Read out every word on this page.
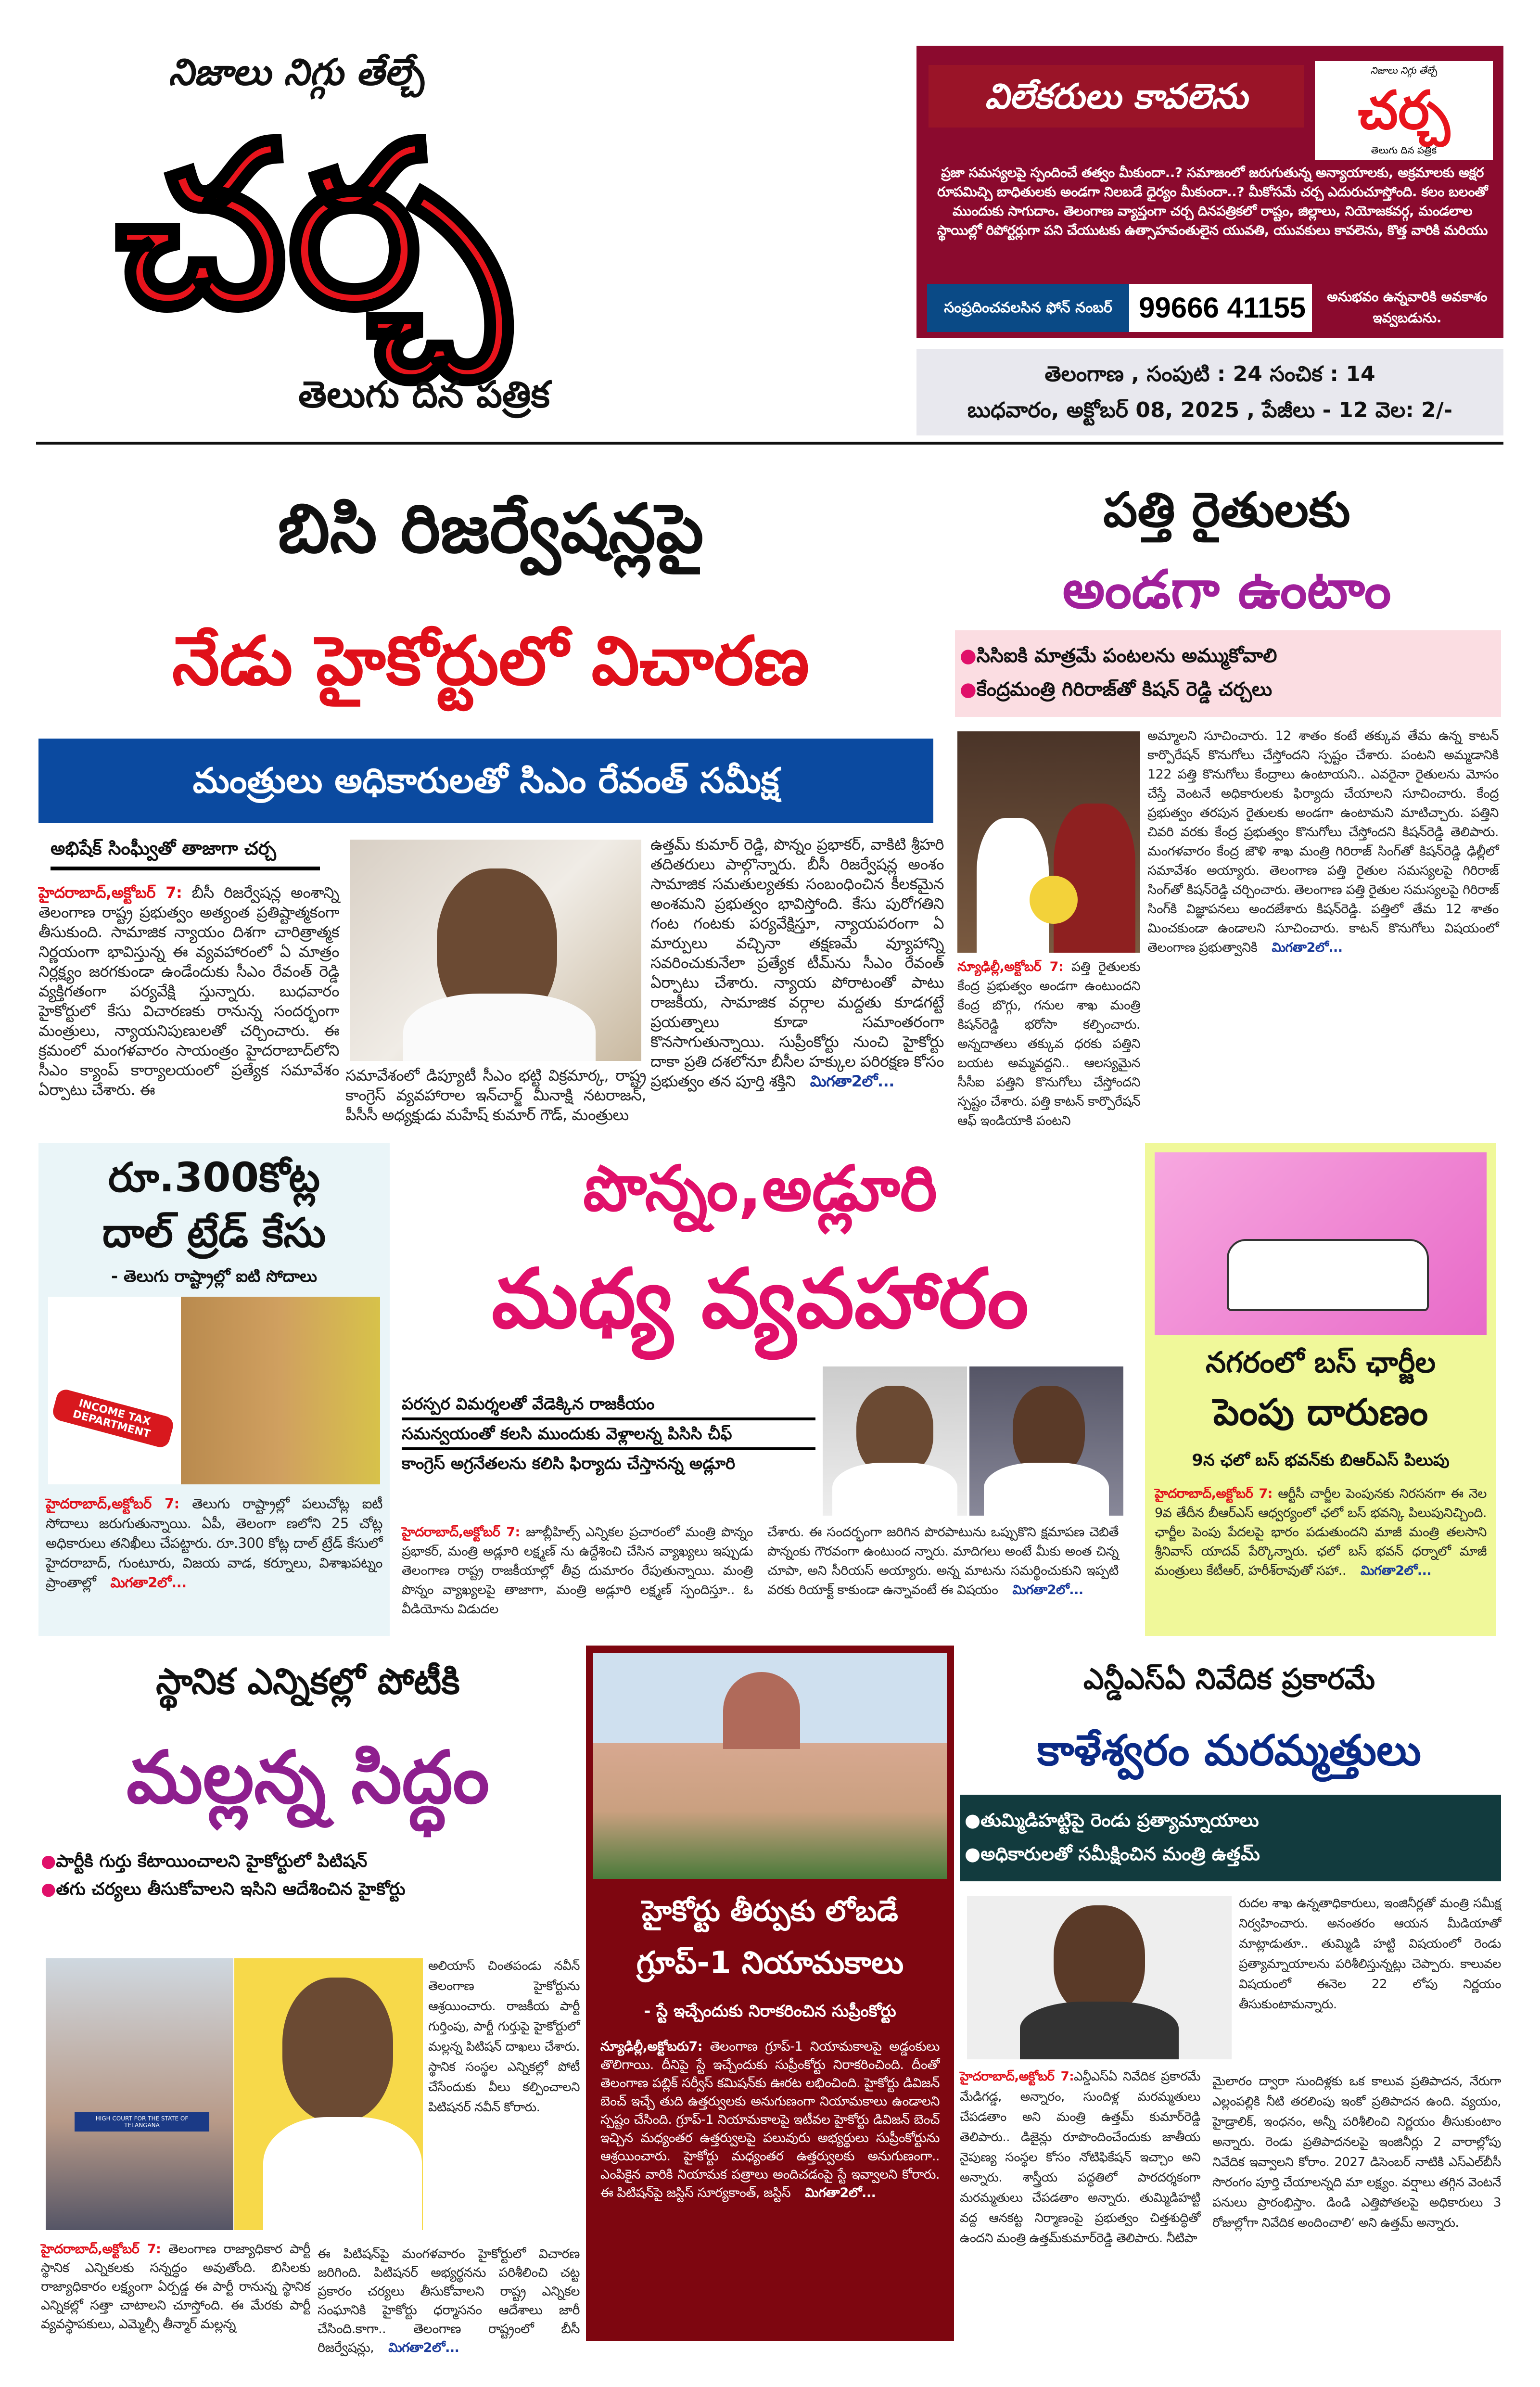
నిజాలు నిగ్గు తేల్చే
చర్చ
తెలుగు దిన పత్రిక
విలేకరులు కావలెను
నిజాలు నిగ్గు తేల్చే
చర్చ
తెలుగు దిన పత్రిక
ప్రజా సమస్యలపై స్పందించే తత్వం మీకుందా..? సమాజంలో జరుగుతున్న అన్యాయాలకు, అక్రమాలకు అక్షర రూపమిచ్చి బాధితులకు అండగా నిలబడే ధైర్యం మీకుందా..? మీకోసమే చర్చ ఎదురుచూస్తోంది. కలం బలంతో ముందుకు సాగుదాం. తెలంగాణ వ్యాప్తంగా చర్చ దినపత్రికలో రాష్టం, జిల్లాలు, నియోజకవర్గ, మండలాల స్థాయిల్లో రిపోర్టర్లుగా పని చేయుటకు ఉత్సాహవంతులైన యువతి, యువకులు కావలెను, కొత్త వారికి మరియు
సంప్రదించవలసిన ఫోన్ నంబర్ 99666 41155	అనుభవం ఉన్నవారికి అవకాశం ఇవ్వబడును.
తెలంగాణ , సంపుటి : 24 సంచిక : 14
బుధవారం, అక్టోబర్ 08, 2025 , పేజీలు - 12 వెల: 2/-
బిసి రిజర్వేషన్లపై
నేడు హైకోర్టులో విచారణ
మంత్రులు అధికారులతో సిఎం రేవంత్ సమీక్ష
అభిషేక్ సింఘ్వీతో తాజాగా చర్చ
హైదరాబాద్,అక్టోబర్ 7: బీసీ రిజర్వేషన్ల అంశాన్ని తెలంగాణ రాష్ట్ర ప్రభుత్వం అత్యంత ప్రతిష్టాత్మకంగా తీసుకుంది. సామాజిక న్యాయం దిశగా చారిత్రాత్మక నిర్ణయంగా భావిస్తున్న ఈ వ్యవహారంలో ఏ మాత్రం నిర్లక్ష్యం జరగకుండా ఉండేందుకు సీఎం రేవంత్ రెడ్డి వ్యక్తిగతంగా పర్యవేక్షి స్తున్నారు. బుధవారం హైకోర్టులో కేసు విచారణకు రానున్న సందర్భంగా మంత్రులు, న్యాయనిపుణులతో చర్చించారు. ఈ క్రమంలో మంగళవారం సాయంత్రం హైదరాబాద్‌లోని సీఎం క్యాంప్ కార్యాలయంలో ప్రత్యేక సమావేశం ఏర్పాటు చేశారు. ఈ
సమావేశంలో డిప్యూటీ సీఎం భట్టి విక్రమార్క, రాష్ట్ర కాంగ్రెస్ వ్యవహారాల ఇన్‌చార్జ్ మీనాక్షి నటరాజన్, పీసీసీ అధ్యక్షుడు మహేష్ కుమార్ గౌడ్, మంత్రులు
ఉత్తమ్ కుమార్ రెడ్డి, పొన్నం ప్రభాకర్, వాకిటి శ్రీహరి తదితరులు పాల్గొన్నారు. బీసీ రిజర్వేషన్ల అంశం సామాజిక సమతుల్యతకు సంబంధించిన కీలకమైన అంశమని ప్రభుత్వం భావిస్తోంది. కేసు పురోగతిని గంట గంటకు పర్యవేక్షిస్తూ, న్యాయపరంగా ఏ మార్పులు వచ్చినా తక్షణమే వ్యూహాన్ని సవరించుకునేలా ప్రత్యేక టీమ్‌ను సీఎం రేవంత్ ఏర్పాటు చేశారు. న్యాయ పోరాటంతో పాటు రాజకీయ, సామాజిక వర్గాల మద్దతు కూడగట్టే ప్రయత్నాలు కూడా సమాంతరంగా కొనసాగుతున్నాయి. సుప్రీంకోర్టు నుంచి హైకోర్టు దాకా ప్రతి దశలోనూ బీసీల హక్కుల పరిరక్షణ కోసం ప్రభుత్వం తన పూర్తి శక్తిని మిగతా2లో...
పత్తి రైతులకు
అండగా ఉంటాం
●సిసిఐకి మాత్రమే పంటలను అమ్ముకోవాలి
●కేంద్రమంత్రి గిరిరాజ్‌తో కిషన్ రెడ్డి చర్చలు
న్యూఢిల్లీ,అక్టోబర్ 7: పత్తి రైతులకు కేంద్ర ప్రభుత్వం అండగా ఉంటుందని కేంద్ర బొగ్గు, గనుల శాఖ మంత్రి కిషన్‌రెడ్డి భరోసా కల్పించారు. అన్నదాతలు తక్కువ ధరకు పత్తిని బయట అమ్మవద్దని.. ఆలస్యమైన సీసీఐ పత్తిని కొనుగోలు చేస్తోందని స్పష్టం చేశారు. పత్తి కాటన్ కార్పొరేషన్ ఆఫ్ ఇండియాకి పంటని
అమ్మాలని సూచించారు. 12 శాతం కంటే తక్కువ తేమ ఉన్న కాటన్ కార్పొరేషన్ కొనుగోలు చేస్తోందని స్పష్టం చేశారు. పంటని అమ్మడానికి 122 పత్తి కొనుగోలు కేంద్రాలు ఉంటాయని.. ఎవరైనా రైతులను మోసం చేస్తే వెంటనే అధికారులకు ఫిర్యాదు చేయాలని సూచించారు. కేంద్ర ప్రభుత్వం తరపున రైతులకు అండగా ఉంటామని మాటిచ్చారు. పత్తిని చివరి వరకు కేంద్ర ప్రభుత్వం కొనుగోలు చేస్తోందని కిషన్‌రెడ్డి తెలిపారు. మంగళవారం కేంద్ర జౌళి శాఖ మంత్రి గిరిరాజ్ సింగ్‌తో కిషన్‌రెడ్డి ఢిల్లీలో సమావేశం అయ్యారు. తెలంగాణ పత్తి రైతుల సమస్యలపై గిరిరాజ్ సింగ్‌తో కిషన్‌రెడ్డి చర్చించారు. తెలంగాణ పత్తి రైతుల సమస్యలపై గిరిరాజ్ సింగ్‌కి విజ్ఞాపనలు అందజేశారు కిషన్‌రెడ్డి. పత్తిలో తేమ 12 శాతం మించకుండా ఉండాలని సూచించారు. కాటన్ కొనుగోలు విషయంలో తెలంగాణ ప్రభుత్వానికి మిగతా2లో...
రూ.300కోట్ల
దాల్ ట్రేడ్ కేసు
- తెలుగు రాష్ట్రాల్లో ఐటి సోదాలు
INCOME TAX DEPARTMENT
హైదరాబాద్,అక్టోబర్ 7: తెలుగు రాష్ట్రాల్లో పలుచోట్ల ఐటీ సోదాలు జరుగుతున్నాయి. ఏపీ, తెలంగా ణలోని 25 చోట్ల అధికారులు తనిఖీలు చేపట్టారు. రూ.300 కోట్ల దాల్ ట్రేడ్ కేసులో హైదరాబాద్, గుంటూరు, విజయ వాడ, కర్నూలు, విశాఖపట్నం ప్రాంతాల్లో మిగతా2లో...
పొన్నం,అడ్లూరి
మధ్య వ్యవహారం
పరస్పర విమర్శలతో వేడెక్కిన రాజకీయం
సమన్వయంతో కలసి ముందుకు వెళ్లాలన్న పిసిసి చీఫ్
కాంగ్రెస్ అగ్రనేతలను కలిసి ఫిర్యాదు చేస్తానన్న అడ్లూరి
హైదరాబాద్,అక్టోబర్ 7: జూబ్లీహిల్స్ ఎన్నికల ప్రచారంలో మంత్రి పొన్నం ప్రభాకర్, మంత్రి అడ్లూరి లక్ష్మణ్ ను ఉద్దేశించి చేసిన వ్యాఖ్యలు ఇప్పుడు తెలంగాణ రాష్ట్ర రాజకీయాల్లో తీవ్ర దుమారం రేపుతున్నాయి. మంత్రి పొన్నం వ్యాఖ్యలపై తాజాగా, మంత్రి అడ్లూరి లక్ష్మణ్ స్పందిస్తూ.. ఓ వీడియోను విడుదల
చేశారు. ఈ సందర్భంగా జరిగిన పొరపాటును ఒప్పుకొని క్షమాపణ చెబితే పొన్నంకు గౌరవంగా ఉంటుంద న్నారు. మాదిగలు అంటే మీకు అంత చిన్న చూపా, అని సీరియస్ అయ్యారు. అన్న మాటను సమర్థించుకుని ఇప్పటి వరకు రియాక్ట్ కాకుండా ఉన్నావంటే ఈ విషయం మిగతా2లో...
నగరంలో బస్ ఛార్జీల
పెంపు దారుణం
9న ఛలో బస్ భవన్‌కు బిఆర్ఎస్ పిలుపు
హైదరాబాద్,అక్టోబర్ 7: ఆర్టీసీ చార్జీల పెంపునకు నిరసనగా ఈ నెల 9వ తేదీన బీఆర్ఎస్ ఆధ్వర్యంలో ఛలో బస్ భవన్కి పిలుపునిచ్చింది. ఛార్జీల పెంపు పేదలపై భారం పడుతుందని మాజీ మంత్రి తలసాని శ్రీనివాస్ యాదవ్ పేర్కొన్నారు. ఛలో బస్ భవన్ ధర్నాలో మాజీ మంత్రులు కేటీఆర్, హరీశ్‌రావుతో సహా.. మిగతా2లో...
స్థానిక ఎన్నికల్లో పోటీకి
మల్లన్న సిద్ధం
●పార్టీకి గుర్తు కేటాయించాలని హైకోర్టులో పిటిషన్
●తగు చర్యలు తీసుకోవాలని ఇసిని ఆదేశించిన హైకోర్టు
HIGH COURT FOR THE STATE OF TELANGANA
అలియాస్ చింతపండు నవీన్ తెలంగాణ హైకోర్టును ఆశ్రయించారు. రాజకీయ పార్టీ గుర్తింపు, పార్టీ గుర్తుపై హైకోర్టులో మల్లన్న పిటిషన్ దాఖలు చేశారు. స్థానిక సంస్థల ఎన్నికల్లో పోటీ చేసేందుకు వీలు కల్పించాలని పిటిషనర్ నవీన్ కోరారు.
హైదరాబాద్,అక్టోబర్ 7: తెలంగాణ రాజ్యాధికార పార్టీ స్థానిక ఎన్నికలకు సన్నద్ధం అవుతోంది. బిసిలకు రాజ్యాధికారం లక్ష్యంగా ఏర్పడ్డ ఈ పార్టీ రానున్న స్థానిక ఎన్నికల్లో సత్తా చాటాలని చూస్తోంది. ఈ మేరకు పార్టీ వ్యవస్థాపకులు, ఎమ్మెల్సీ తీన్మార్ మల్లన్న
ఈ పిటిషన్‌పై మంగళవారం హైకోర్టులో విచారణ జరిగింది. పిటిషనర్ అభ్యర్థనను పరిశీలించి చట్ట ప్రకారం చర్యలు తీసుకోవాలని రాష్ట్ర ఎన్నికల సంఘానికి హైకోర్టు ధర్మాసనం ఆదేశాలు జారీ చేసింది.కాగా.. తెలంగాణ రాష్ట్రంలో బీసీ రిజర్వేషన్లు, మిగతా2లో...
హైకోర్టు తీర్పుకు లోబడే
గ్రూప్-1 నియామకాలు
- స్టే ఇచ్చేందుకు నిరాకరించిన సుప్రీంకోర్టు
న్యూఢిల్లీ,అక్టోబరు7: తెలంగాణ గ్రూప్-1 నియామకాలపై అడ్డంకులు తొలిగాయి. దీనిపై స్టే ఇచ్చేందుకు సుప్రీంకోర్టు నిరాకరించింది. దీంతో తెలంగాణ పబ్లిక్ సర్వీస్ కమిషన్‌కు ఊరట లభించింది. హైకోర్టు డివిజన్ బెంచ్ ఇచ్చే తుది ఉత్తర్వులకు అనుగుణంగా నియామకాలు ఉండాలని స్పష్టం చేసింది. గ్రూప్-1 నియామకాలపై ఇటీవల హైకోర్టు డివిజన్ బెంచ్ ఇచ్చిన మధ్యంతర ఉత్తర్వులపై పలువురు అభ్యర్థులు సుప్రీంకోర్టును ఆశ్రయించారు. హైకోర్టు మధ్యంతర ఉత్తర్వులకు అనుగుణంగా.. ఎంపికైన వారికి నియామక పత్రాలు అందిచడంపై స్టే ఇవ్వాలని కోరారు. ఈ పిటిషన్‌పై జస్టిస్ సూర్యకాంత్, జస్టిస్ మిగతా2లో...
ఎన్డీఎస్ఏ నివేదిక ప్రకారమే
కాళేశ్వరం మరమ్మత్తులు
●తుమ్మిడిహట్టిపై రెండు ప్రత్యామ్నాయాలు
●అధికారులతో సమీక్షించిన మంత్రి ఉత్తమ్
రుదల శాఖ ఉన్నతాధికారులు, ఇంజినీర్లతో మంత్రి సమీక్ష నిర్వహించారు. అనంతరం ఆయన మీడియాతో మాట్లాడుతూ.. తుమ్మిడి హట్టి విషయంలో రెండు ప్రత్యామ్నాయాలను పరిశీలిస్తున్నట్లు చెప్పారు. కాలువల విషయంలో ఈనెల 22 లోపు నిర్ణయం తీసుకుంటామన్నారు.
హైదరాబాద్,అక్టోబర్ 7:ఎన్డీఎస్ఏ నివేదిక ప్రకారమే మేడిగడ్డ, అన్నారం, సుందిళ్ల మరమ్మతులు చేపడతాం అని మంత్రి ఉత్తమ్ కుమార్‌రెడ్డి తెలిపారు.. డిజైన్లు రూపొందించేందుకు జాతీయ నైపుణ్య సంస్థల కోసం నోటిఫికేషన్ ఇచ్చాం అని అన్నారు. శాస్త్రీయ పద్ధతిలో పారదర్శకంగా మరమ్మతులు చేపడతాం అన్నారు. తుమ్మిడిహట్టి వద్ద ఆనకట్ట నిర్మాణంపై ప్రభుత్వం చిత్తశుద్ధితో ఉందని మంత్రి ఉత్తమ్‌కుమార్‌రెడ్డి తెలిపారు. నీటిపా
మైలారం ద్వారా సుందిళ్లకు ఒక కాలువ ప్రతిపాదన, నేరుగా ఎల్లంపల్లికి నీటి తరలింపు ఇంకో ప్రతిపాదన ఉంది. వ్యయం, హైడ్రాలిక్, ఇంధనం, అన్నీ పరిశీలించి నిర్ణయం తీసుకుంటాం అన్నారు. రెండు ప్రతిపాదనలపై ఇంజినీర్లు 2 వారాల్లోపు నివేదిక ఇవ్వాలని కోరాం. 2027 డిసెంబర్ నాటికి ఎస్ఎల్‌బీసీ సొరంగం పూర్తి చేయాలన్నది మా లక్ష్యం. వర్షాలు తగ్గిన వెంటనే పనులు ప్రారంభిస్తాం. డిండి ఎత్తిపోతలపై అధికారులు 3 రోజుల్లోగా నివేదిక అందించాలి‘ అని ఉత్తమ్ అన్నారు.
